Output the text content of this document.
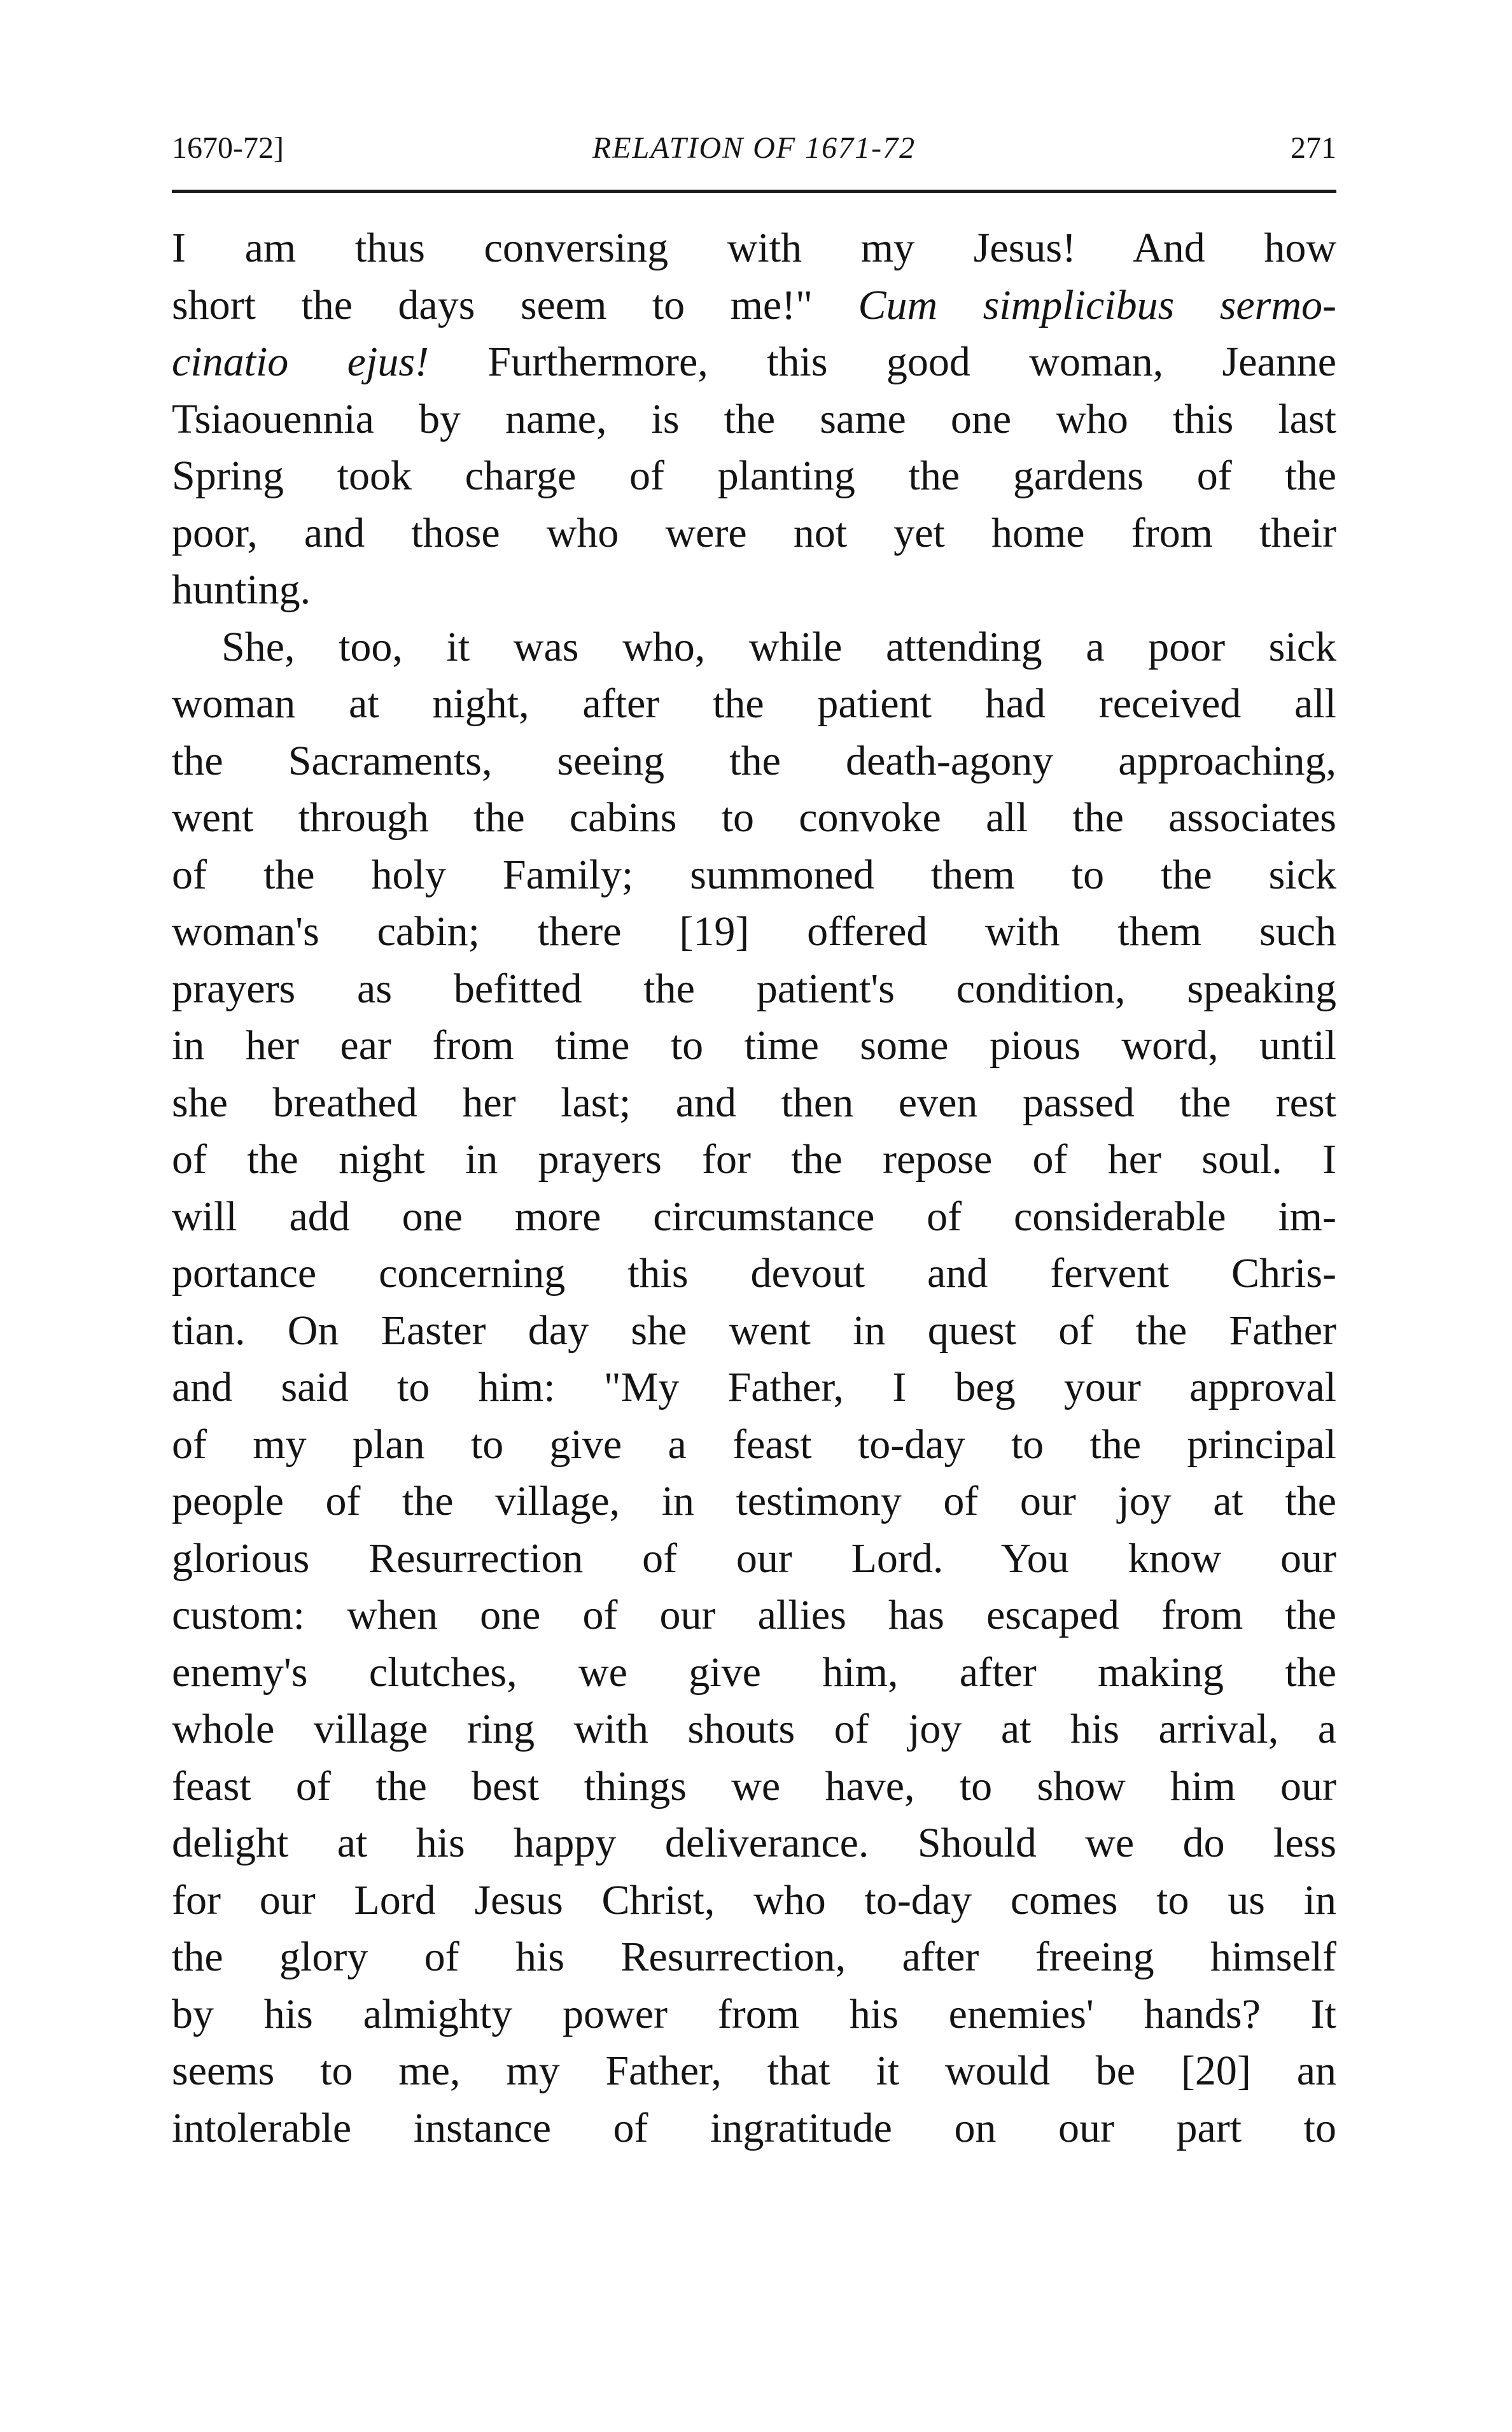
1670-72]	RELATION OF 1671-72	271
I am thus conversing with my Jesus! And how
short the days seem to me!" Cum simplicibus sermo-
cinatio ejus! Furthermore, this good woman, Jeanne
Tsiaouennia by name, is the same one who this last
Spring took charge of planting the gardens of the
poor, and those who were not yet home from their
hunting.
She, too, it was who, while attending a poor sick
woman at night, after the patient had received all
the Sacraments, seeing the death-agony approaching,
went through the cabins to convoke all the associates
of the holy Family; summoned them to the sick
woman's cabin; there [19] offered with them such
prayers as befitted the patient's condition, speaking
in her ear from time to time some pious word, until
she breathed her last; and then even passed the rest
of the night in prayers for the repose of her soul. I
will add one more circumstance of considerable im-
portance concerning this devout and fervent Chris-
tian. On Easter day she went in quest of the Father
and said to him: "My Father, I beg your approval
of my plan to give a feast to-day to the principal
people of the village, in testimony of our joy at the
glorious Resurrection of our Lord. You know our
custom: when one of our allies has escaped from the
enemy's clutches, we give him, after making the
whole village ring with shouts of joy at his arrival, a
feast of the best things we have, to show him our
delight at his happy deliverance. Should we do less
for our Lord Jesus Christ, who to-day comes to us in
the glory of his Resurrection, after freeing himself
by his almighty power from his enemies' hands? It
seems to me, my Father, that it would be [20] an
intolerable instance of ingratitude on our part to
